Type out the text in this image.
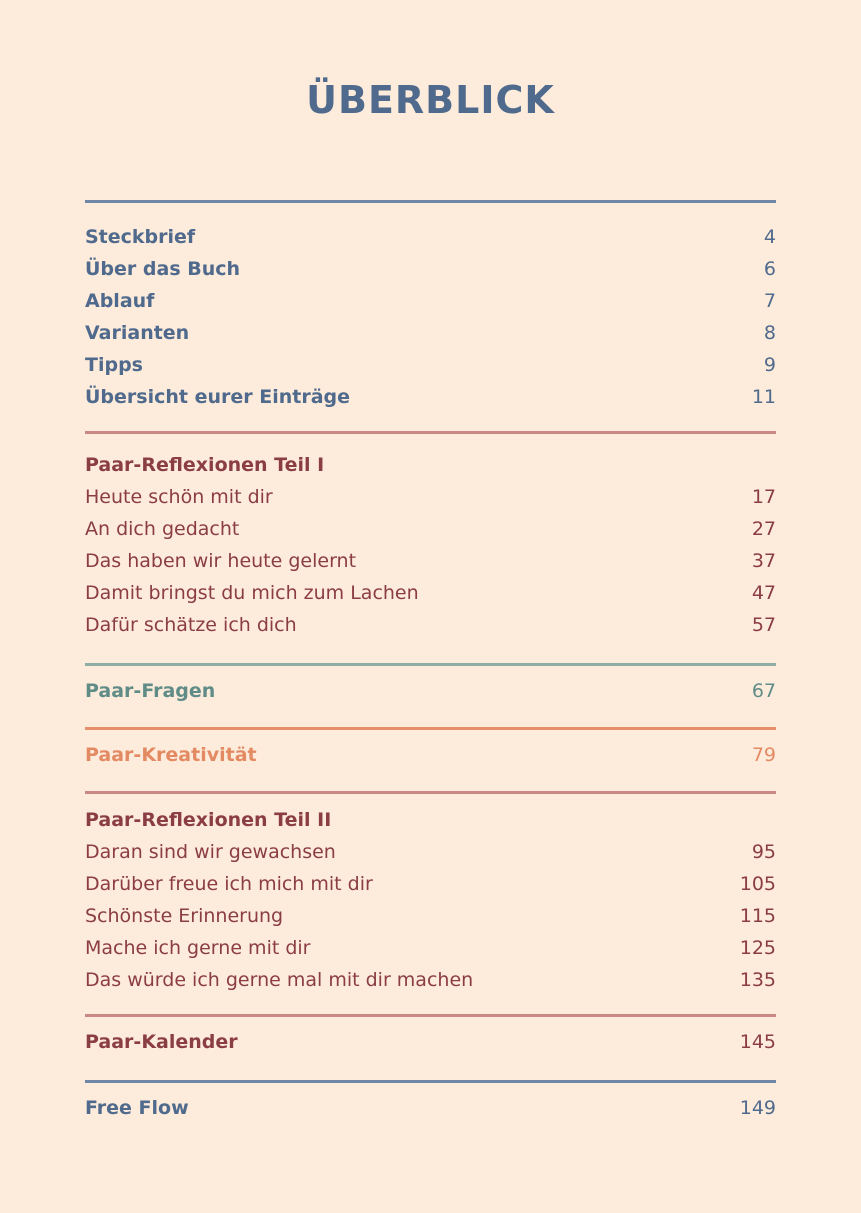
ÜBERBLICK
Steckbrief	4
Über das Buch	6
Ablauf	7
Varianten	8
Tipps	9
Übersicht eurer Einträge	11
Paar-Reflexionen Teil I
Heute schön mit dir	17
An dich gedacht	27
Das haben wir heute gelernt	37
Damit bringst du mich zum Lachen	47
Dafür schätze ich dich	57
Paar-Fragen	67
Paar-Kreativität	79
Paar-Reflexionen Teil II
Daran sind wir gewachsen	95
Darüber freue ich mich mit dir	105
Schönste Erinnerung	115
Mache ich gerne mit dir	125
Das würde ich gerne mal mit dir machen	135
Paar-Kalender	145
Free Flow	149
